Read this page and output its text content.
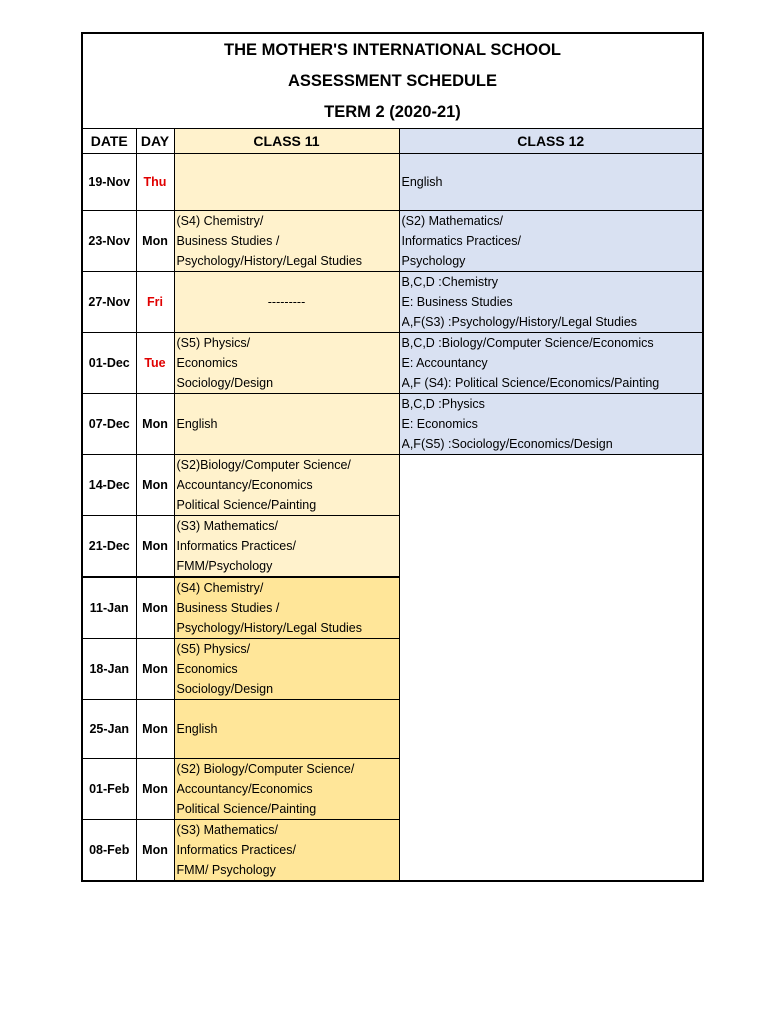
THE MOTHER'S INTERNATIONAL SCHOOL
ASSESSMENT SCHEDULE
TERM 2 (2020-21)
DATE	DAY	CLASS 11	CLASS 12
19-Nov	Thu		English

23-Nov	Mon	(S4) Chemistry/
Business Studies /
Psychology/History/Legal Studies	(S2) Mathematics/
Informatics Practices/
Psychology

27-Nov	Fri	---------	B,C,D :Chemistry
E: Business Studies
A,F(S3) :Psychology/History/Legal Studies

01-Dec	Tue	(S5) Physics/
Economics
Sociology/Design	B,C,D :Biology/Computer Science/Economics
E: Accountancy
A,F (S4): Political Science/Economics/Painting

07-Dec	Mon	English	B,C,D :Physics
E: Economics
A,F(S5) :Sociology/Economics/Design

14-Dec	Mon	(S2)Biology/Computer Science/
Accountancy/Economics
Political Science/Painting	

21-Dec	Mon	(S3) Mathematics/
Informatics Practices/
FMM/Psychology	

11-Jan	Mon	(S4) Chemistry/
Business Studies /
Psychology/History/Legal Studies	

18-Jan	Mon	(S5) Physics/
Economics
Sociology/Design	

25-Jan	Mon	English	

01-Feb	Mon	(S2) Biology/Computer Science/
Accountancy/Economics
Political Science/Painting	

08-Feb	Mon	(S3) Mathematics/
Informatics Practices/
FMM/ Psychology	
